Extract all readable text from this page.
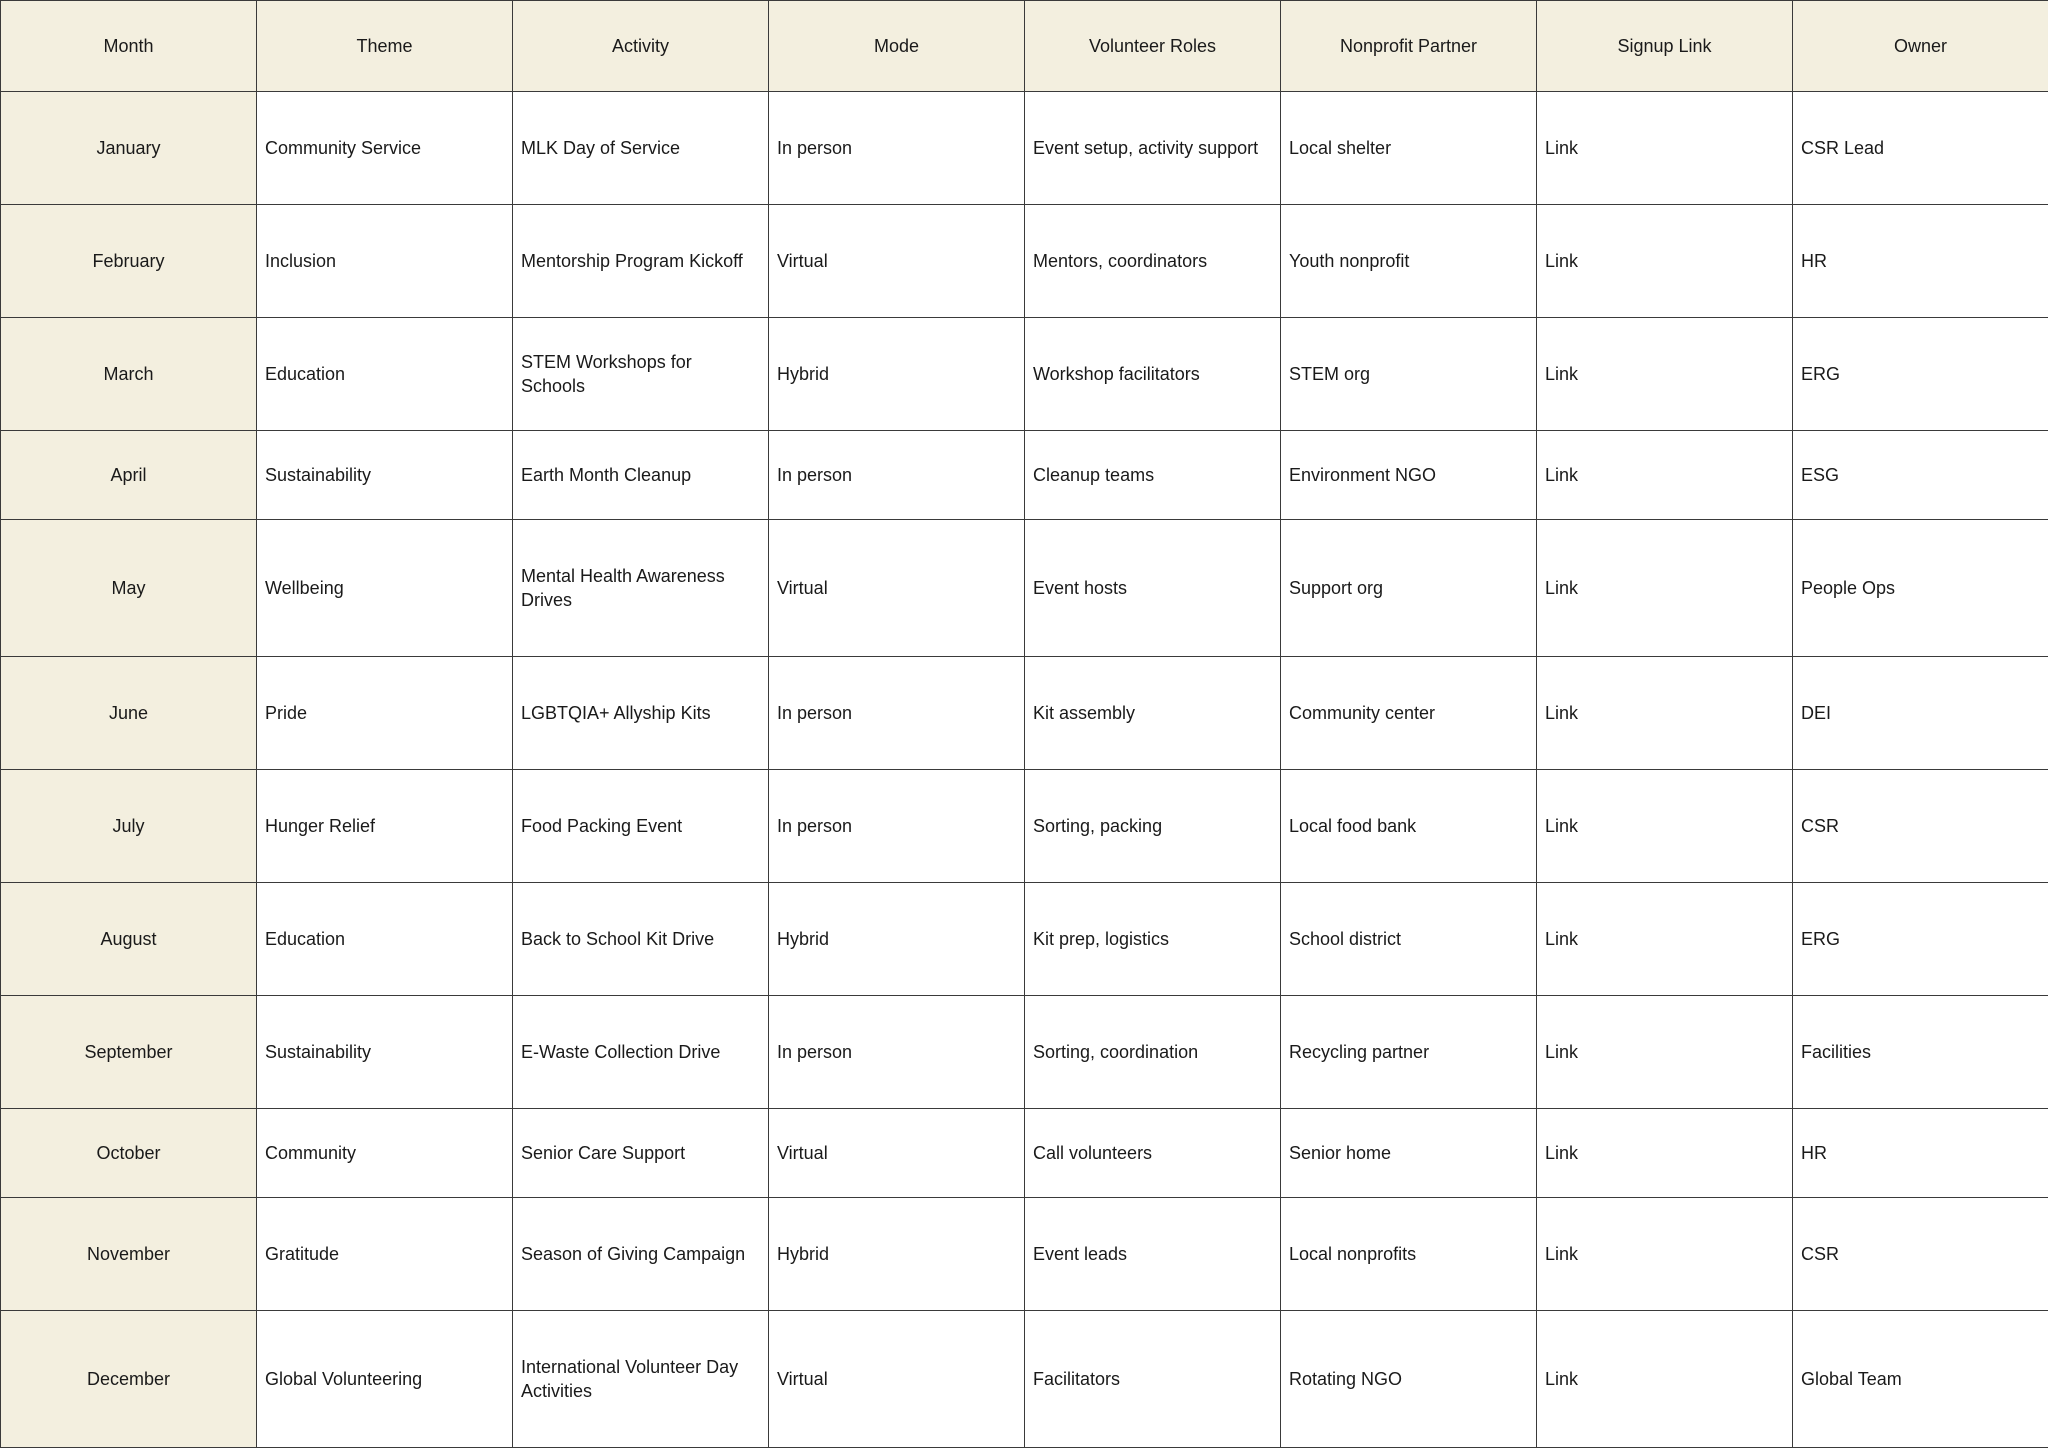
Month	Theme	Activity	Mode	Volunteer Roles	Nonprofit Partner	Signup Link	Owner
January	Community Service	MLK Day of Service	In person	Event setup, activity support	Local shelter	Link	CSR Lead
February	Inclusion	Mentorship Program Kickoff	Virtual	Mentors, coordinators	Youth nonprofit	Link	HR
March	Education	STEM Workshops for Schools	Hybrid	Workshop facilitators	STEM org	Link	ERG
April	Sustainability	Earth Month Cleanup	In person	Cleanup teams	Environment NGO	Link	ESG
May	Wellbeing	Mental Health Awareness Drives	Virtual	Event hosts	Support org	Link	People Ops
June	Pride	LGBTQIA+ Allyship Kits	In person	Kit assembly	Community center	Link	DEI
July	Hunger Relief	Food Packing Event	In person	Sorting, packing	Local food bank	Link	CSR
August	Education	Back to School Kit Drive	Hybrid	Kit prep, logistics	School district	Link	ERG
September	Sustainability	E-Waste Collection Drive	In person	Sorting, coordination	Recycling partner	Link	Facilities
October	Community	Senior Care Support	Virtual	Call volunteers	Senior home	Link	HR
November	Gratitude	Season of Giving Campaign	Hybrid	Event leads	Local nonprofits	Link	CSR
December	Global Volunteering	International Volunteer Day Activities	Virtual	Facilitators	Rotating NGO	Link	Global Team
